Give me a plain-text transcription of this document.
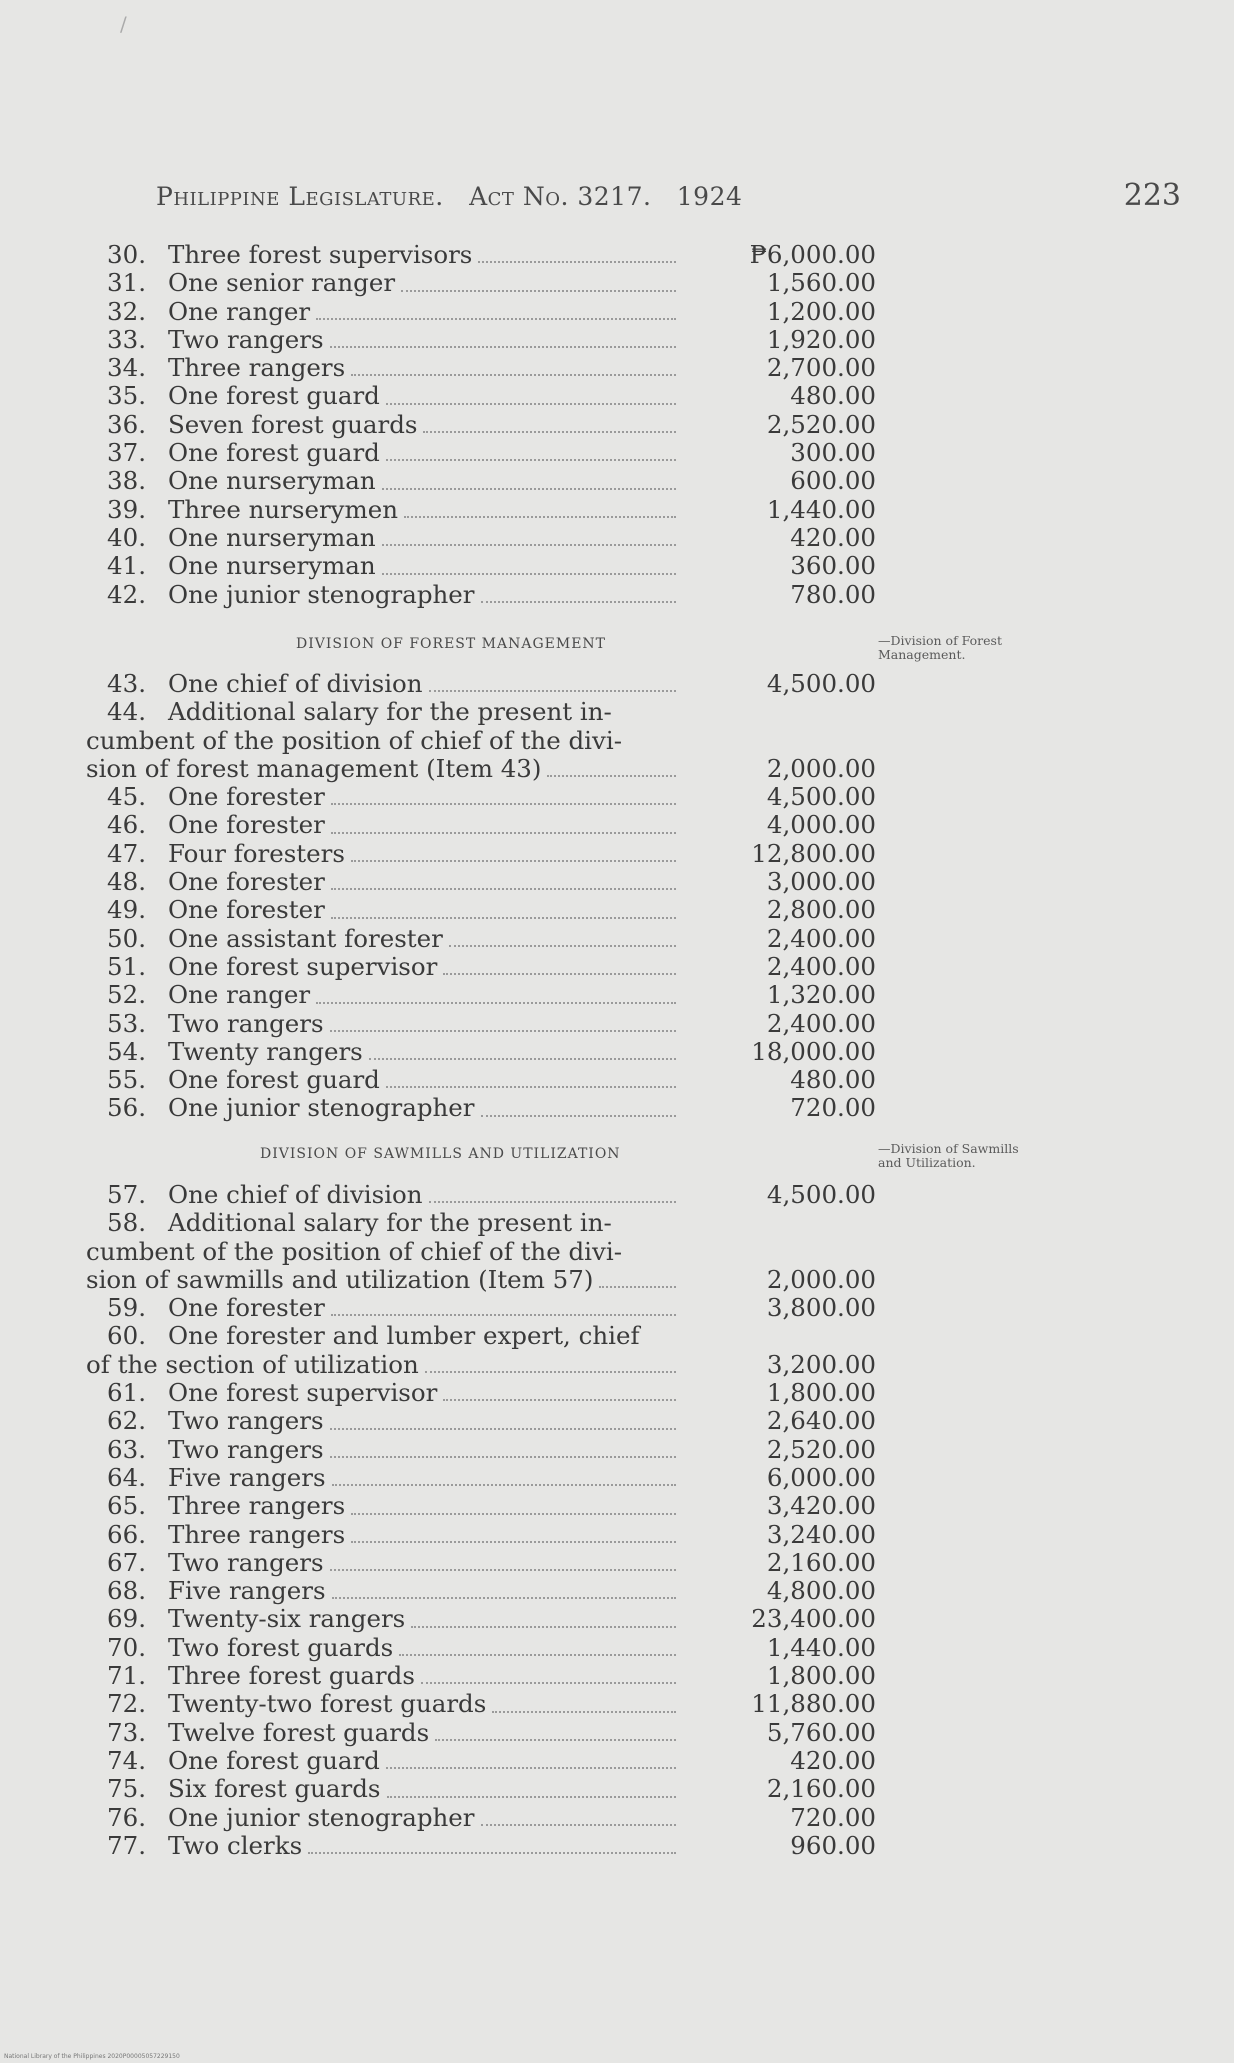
Philippine Legislature. Act No. 3217. 1924	223
30. Three forest supervisors	₱6,000.00
31. One senior ranger	1,560.00
32. One ranger	1,200.00
33. Two rangers	1,920.00
34. Three rangers	2,700.00
35. One forest guard	480.00
36. Seven forest guards	2,520.00
37. One forest guard	300.00
38. One nurseryman	600.00
39. Three nurserymen	1,440.00
40. One nurseryman	420.00
41. One nurseryman	360.00
42. One junior stenographer	780.00
DIVISION OF FOREST MANAGEMENT	—Division of Forest
Management.
43. One chief of division	4,500.00
44. Additional salary for the present in-
cumbent of the position of chief of the divi-
sion of forest management (Item 43)	2,000.00
45. One forester	4,500.00
46. One forester	4,000.00
47. Four foresters	12,800.00
48. One forester	3,000.00
49. One forester	2,800.00
50. One assistant forester	2,400.00
51. One forest supervisor	2,400.00
52. One ranger	1,320.00
53. Two rangers	2,400.00
54. Twenty rangers	18,000.00
55. One forest guard	480.00
56. One junior stenographer	720.00
DIVISION OF SAWMILLS AND UTILIZATION	—Division of Sawmills
and Utilization.
57. One chief of division	4,500.00
58. Additional salary for the present in-
cumbent of the position of chief of the divi-
sion of sawmills and utilization (Item 57)	2,000.00
59. One forester	3,800.00
60. One forester and lumber expert, chief
of the section of utilization	3,200.00
61. One forest supervisor	1,800.00
62. Two rangers	2,640.00
63. Two rangers	2,520.00
64. Five rangers	6,000.00
65. Three rangers	3,420.00
66. Three rangers	3,240.00
67. Two rangers	2,160.00
68. Five rangers	4,800.00
69. Twenty-six rangers	23,400.00
70. Two forest guards	1,440.00
71. Three forest guards	1,800.00
72. Twenty-two forest guards	11,880.00
73. Twelve forest guards	5,760.00
74. One forest guard	420.00
75. Six forest guards	2,160.00
76. One junior stenographer	720.00
77. Two clerks	960.00
/
National Library of the Philippines 2020P00005057229150
